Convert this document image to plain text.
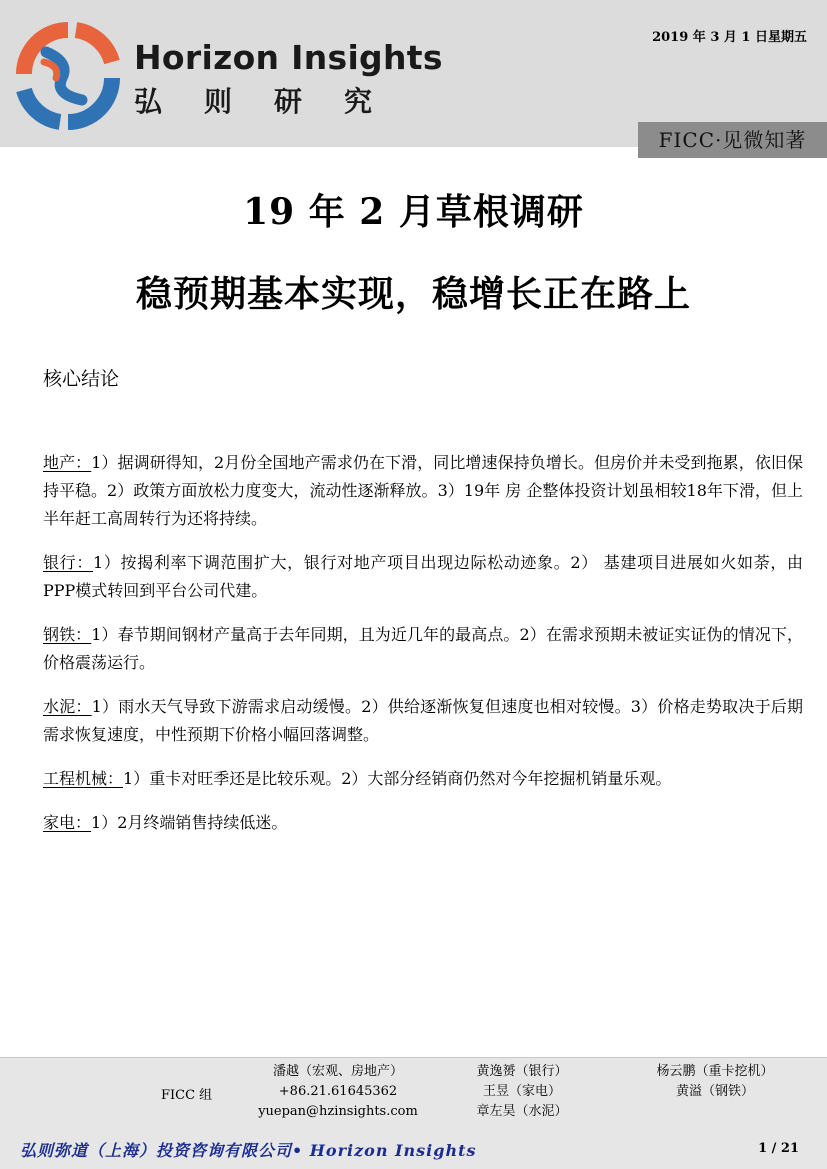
Horizon Insights
弘则研究
2019 年 3 月 1 日星期五
FICC·见微知著
19 年 2 月草根调研
稳预期基本实现，稳增长正在路上
核心结论

地产：1）据调研得知，2月份全国地产需求仍在下滑，同比增速保持负增长。但房价并未受到拖累，依旧保持平稳。2）政策方面放松力度变大，流动性逐渐释放。3）19年 房 企整体投资计划虽相较18年下滑，但上半年赶工高周转行为还将持续。

银行：1）按揭利率下调范围扩大，银行对地产项目出现边际松动迹象。2） 基建项目进展如火如荼，由PPP模式转回到平台公司代建。

钢铁：1）春节期间钢材产量高于去年同期，且为近几年的最高点。2）在需求预期未被证实证伪的情况下，价格震荡运行。

水泥：1）雨水天气导致下游需求启动缓慢。2）供给逐渐恢复但速度也相对较慢。3）价格走势取决于后期需求恢复速度，中性预期下价格小幅回落调整。

工程机械：1）重卡对旺季还是比较乐观。2）大部分经销商仍然对今年挖掘机销量乐观。

家电：1）2月终端销售持续低迷。

FICC 组
潘越（宏观、房地产）
+86.21.61645362
yuepan@hzinsights.com
黄逸赟（银行）
王昱（家电）
章左昊（水泥）
杨云鹏（重卡挖机）
黄溢（钢铁）
弘则弥道（上海）投资咨询有限公司• Horizon Insights	1 / 21
